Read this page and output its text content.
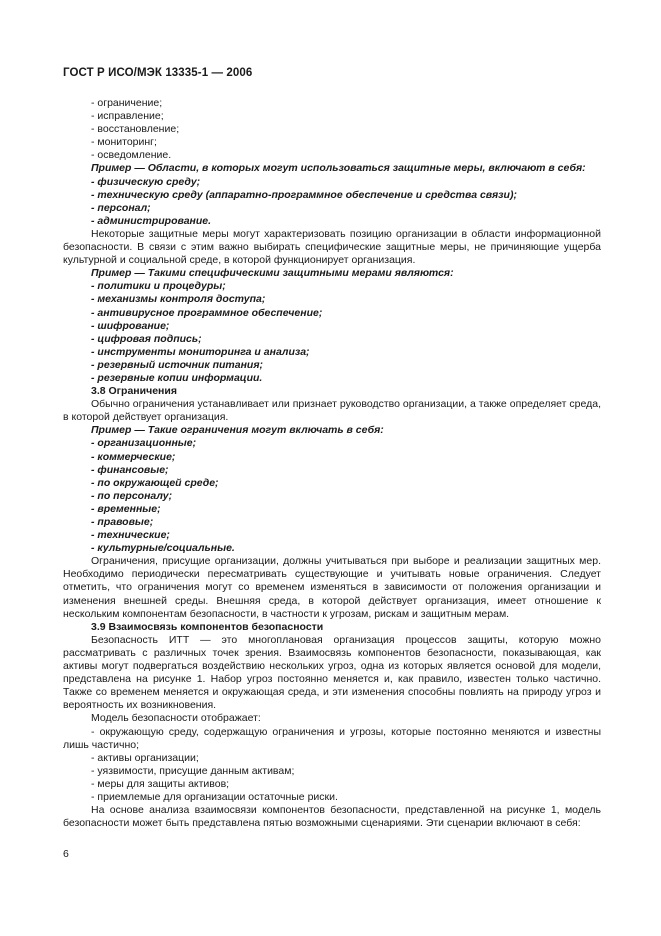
ГОСТ Р ИСО/МЭК 13335-1 — 2006

- ограничение;

- исправление;

- восстановление;

- мониторинг;

- осведомление.

Пример — Области, в которых могут использоваться защитные меры, включают в себя:

- физическую среду;

- техническую среду (аппаратно-программное обеспечение и средства связи);

- персонал;

- администрирование.

Некоторые защитные меры могут характеризовать позицию организации в области информационной безопасности. В связи с этим важно выбирать специфические защитные меры, не причиняющие ущерба культурной и социальной среде, в которой функционирует организация.

Пример — Такими специфическими защитными мерами являются:

- политики и процедуры;

- механизмы контроля доступа;

- антивирусное программное обеспечение;

- шифрование;

- цифровая подпись;

- инструменты мониторинга и анализа;

- резервный источник питания;

- резервные копии информации.

3.8 Ограничения

Обычно ограничения устанавливает или признает руководство организации, а также определяет среда, в которой действует организация.

Пример — Такие ограничения могут включать в себя:

- организационные;

- коммерческие;

- финансовые;

- по окружающей среде;

- по персоналу;

- временные;

- правовые;

- технические;

- культурные/социальные.

Ограничения, присущие организации, должны учитываться при выборе и реализации защитных мер. Необходимо периодически пересматривать существующие и учитывать новые ограничения. Следует отметить, что ограничения могут со временем изменяться в зависимости от положения организации и изменения внешней среды. Внешняя среда, в которой действует организация, имеет отношение к нескольким компонентам безопасности, в частности к угрозам, рискам и защитным мерам.

3.9 Взаимосвязь компонентов безопасности

Безопасность ИТТ — это многоплановая организация процессов защиты, которую можно рассматривать с различных точек зрения. Взаимосвязь компонентов безопасности, показывающая, как активы могут подвергаться воздействию нескольких угроз, одна из которых является основой для модели, представлена на рисунке 1. Набор угроз постоянно меняется и, как правило, известен только частично. Также со временем меняется и окружающая среда, и эти изменения способны повлиять на природу угроз и вероятность их возникновения.

Модель безопасности отображает:

- окружающую среду, содержащую ограничения и угрозы, которые постоянно меняются и известны лишь частично;

- активы организации;

- уязвимости, присущие данным активам;

- меры для защиты активов;

- приемлемые для организации остаточные риски.

На основе анализа взаимосвязи компонентов безопасности, представленной на рисунке 1, модель безопасности может быть представлена пятью возможными сценариями. Эти сценарии включают в себя:

6
